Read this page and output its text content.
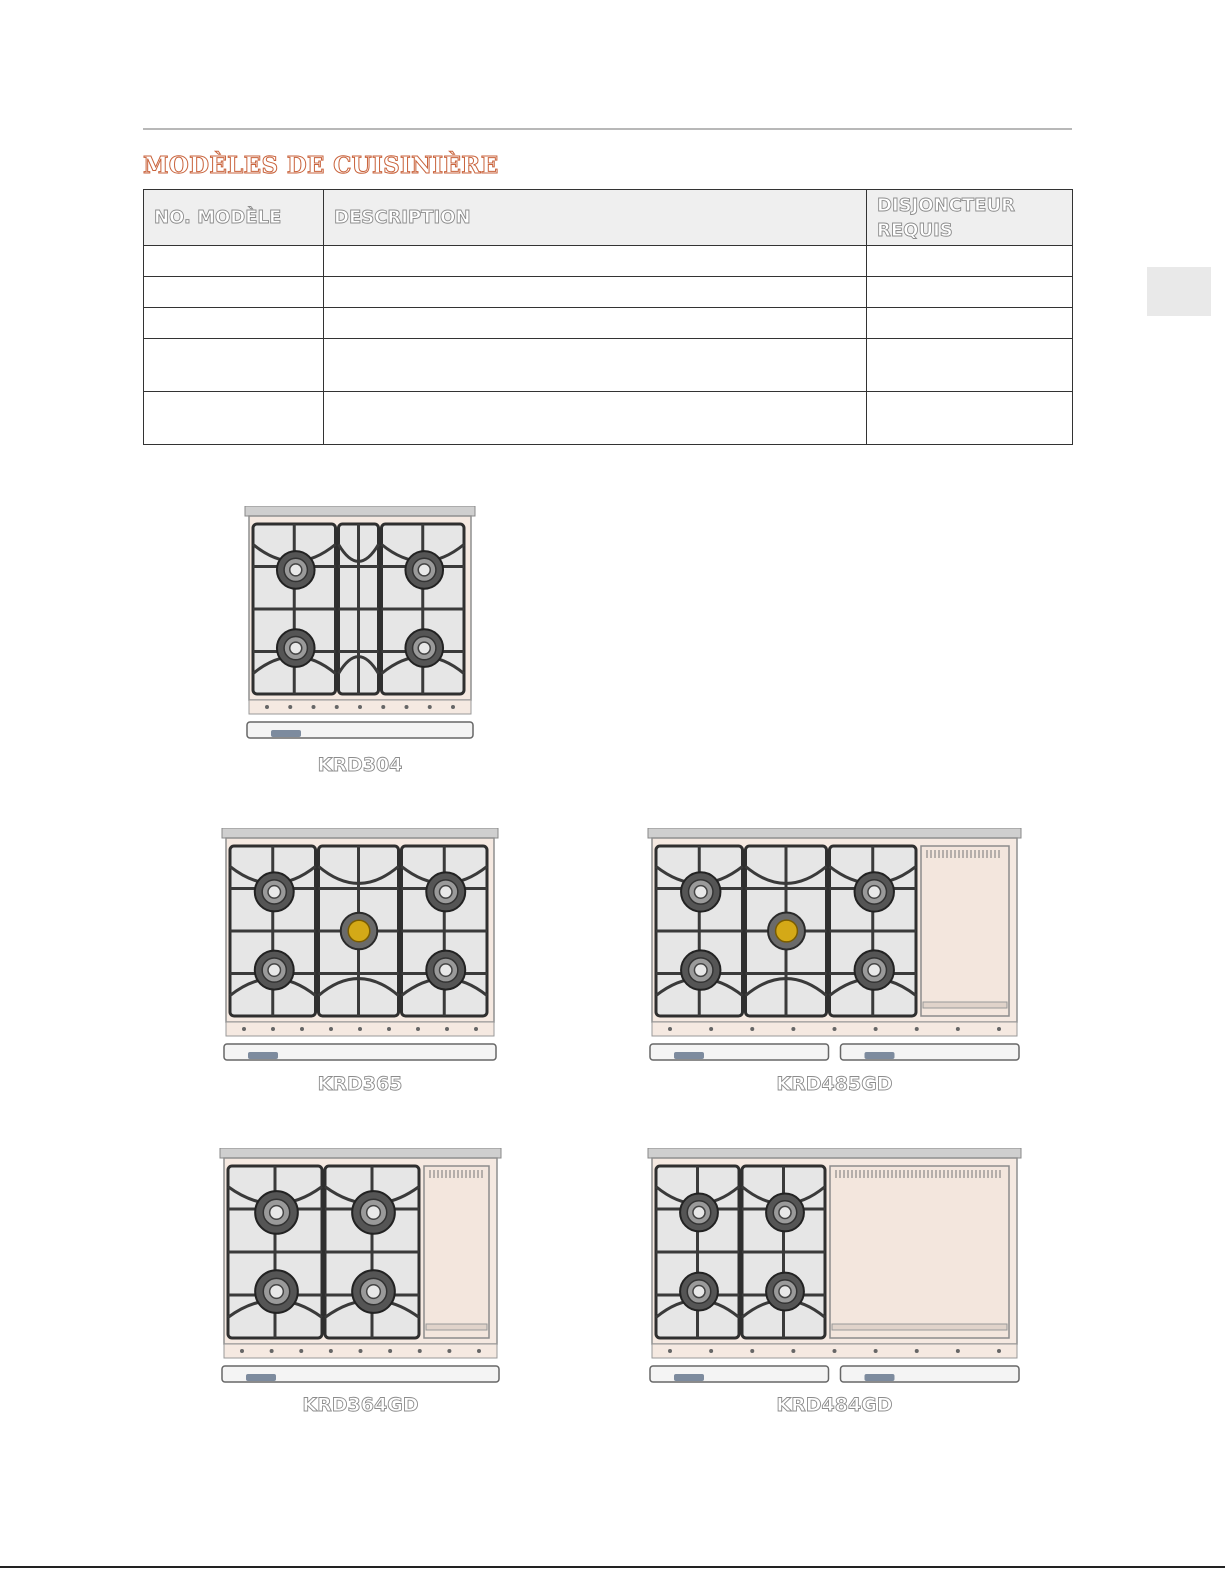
MODÈLES DE CUISINIÈRE
NO. MODÈLE	DESCRIPTION	DISJONCTEUR
REQUIS

KRD304
KRD365	KRD485GD
KRD364GD	KRD484GD
